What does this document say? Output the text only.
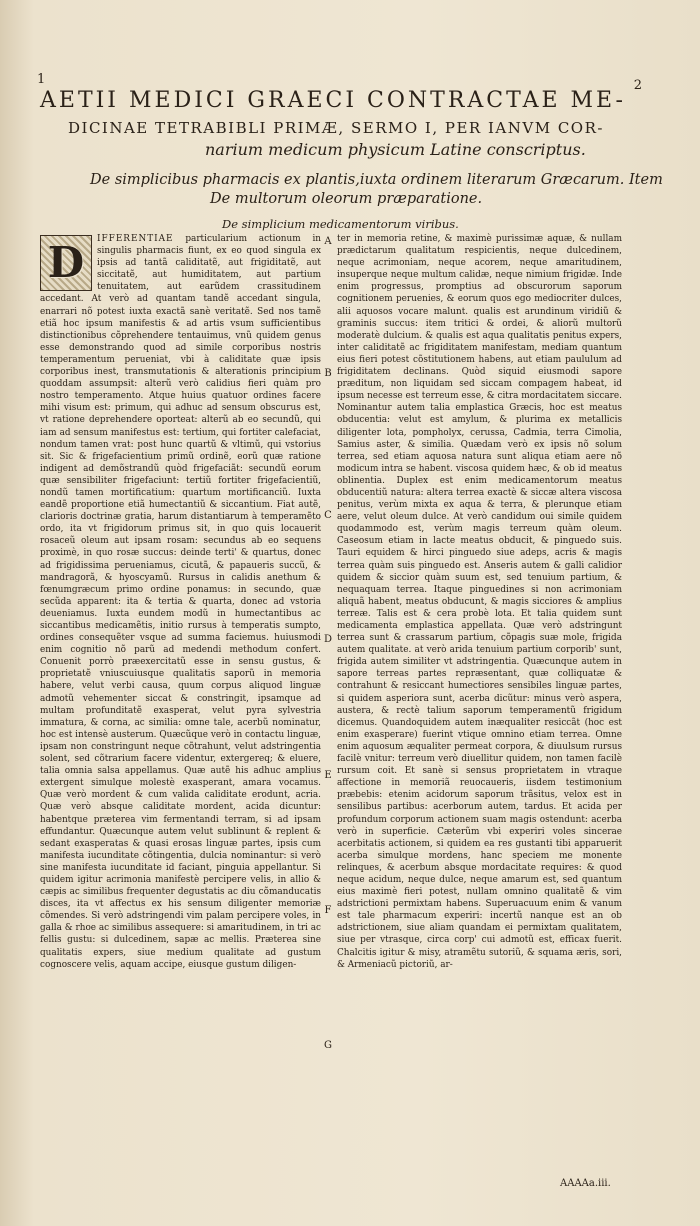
1	2
AETII MEDICI GRAECI CONTRACTAE ME-
DICINAE TETRABIBLI PRIMÆ, SERMO I, PER IANVM COR-
narium medicum physicum Latine conscriptus.
De simplicibus pharmacis ex plantis,iuxta ordinem literarum Græcarum. Item
De multorum oleorum præparatione.
De simplicium medicamentorum viribus.
D	IFFERENTIAE particularium actionum in singulis pharmacis fiunt, ex eo quod singula ex ipsis ad tantã caliditatẽ, aut frigiditatẽ, aut siccitatẽ, aut humiditatem, aut partium tenuitatem, aut earũdem crassitudinem accedant. At verò ad quantam tandẽ accedant singula, enarrari nõ potest iuxta exactã sanè veritatẽ. Sed nos tamẽ etiã hoc ipsum manifestis & ad artis vsum sufficientibus distinctionibus cõprehendere tentauimus, vnũ quidem genus esse demonstrando quod ad simile corporibus nostris temperamentum perueniat, vbi à caliditate quæ ipsis corporibus inest, transmutationis & alterationis principium quoddam assumpsit: alterũ verò calidius fieri quàm pro nostro temperamento. Atque huius quatuor ordines facere mihi visum est: primum, qui adhuc ad sensum obscurus est, vt ratione deprehendere oporteat: alterũ ab eo secundũ, qui iam ad sensum manifestus est: tertium, qui fortiter calefaciat, nondum tamen vrat: post hunc quartũ & vltimũ, qui vstorius sit. Sic & frigefacientium primũ ordinẽ, eorũ quæ ratione indigent ad demõstrandũ quòd frigefaciãt: secundũ eorum quæ sensibiliter frigefaciunt: tertiũ fortiter frigefacientiũ, nondũ tamen mortificatium: quartum mortificanciũ. Iuxta eandẽ proportione etiã humectantiũ & siccantium. Fiat autẽ, clarioris doctrinæ gratia, harum distantiarum à temperamẽto ordo, ita vt frigidorum primus sit, in quo quis locauerit rosaceũ oleum aut ipsam rosam: secundus ab eo sequens proximè, in quo rosæ succus: deinde terti' & quartus, donec ad frigidissima perueniamus, cicutã, & papaueris succũ, & mandragorã, & hyoscyamũ. Rursus in calidis anethum & fœnumgræcum primo ordine ponamus: in secundo, quæ secũda apparent: ita & tertia & quarta, donec ad vstoria deueniamus. Iuxta eundem modũ in humectantibus ac siccantibus medicamẽtis, initio rursus à temperatis sumpto, ordines consequẽter vsque ad summa faciemus. huiusmodi enim cognitio nõ parũ ad medendi methodum confert. Conuenit porrò præexercitatũ esse in sensu gustus, & proprietatẽ vniuscuiusque qualitatis saporũ in memoria habere, velut verbi causa, quum corpus aliquod linguæ admotũ vehementer siccat & constringit, ipsamque ad multam profunditatẽ exasperat, velut pyra sylvestria immatura, & corna, ac similia: omne tale, acerbũ nominatur, hoc est intensè austerum. Quæcũque verò in contactu linguæ, ipsam non constringunt neque cõtrahunt, velut adstringentia solent, sed cõtrarium facere videntur, extergereq; & eluere, talia omnia salsa appellamus. Quæ autẽ his adhuc amplius extergent simulque molestè exasperant, amara vocamus. Quæ verò mordent & cum valida caliditate erodunt, acria. Quæ verò absque caliditate mordent, acida dicuntur: habentque præterea vim fermentandi terram, si ad ipsam effundantur. Quæcunque autem velut sublinunt & replent & sedant exasperatas & quasi erosas linguæ partes, ipsis cum manifesta iucunditate cõtingentia, dulcia nominantur: si verò sine manifesta iucunditate id faciant, pinguia appellantur. Si quidem igitur acrimonia manifestè percipere velis, in allio & cæpis ac similibus frequenter degustatis ac diu cõmanducatis disces, ita vt affectus ex his sensum diligenter memoriæ cõmendes. Si verò adstringendi vim palam percipere voles, in galla & rhoe ac similibus assequere: si amaritudinem, in tri ac fellis gustu: si dulcedinem, sapæ ac mellis. Præterea sine qualitatis expers, siue medium qualitate ad gustum cognoscere velis, aquam accipe, eiusque gustum diligen-
ter in memoria retine, & maximè purissimæ aquæ, & nullam prædictarum qualitatum respicientis, neque dulcedinem, neque acrimoniam, neque acorem, neque amaritudinem, insuperque neque multum calidæ, neque nimium frigidæ. Inde enim progressus, promptius ad obscurorum saporum cognitionem peruenies, & eorum quos ego mediocriter dulces, alii aquosos vocare malunt. qualis est arundinum viridiũ & graminis succus: item tritici & ordei, & aliorũ multorũ moderatè dulcium. & qualis est aqua qualitatis penitus expers, inter caliditatẽ ac frigiditatem manifestam, mediam quantum eius fieri potest cõstitutionem habens, aut etiam paululum ad frigiditatem declinans. Quòd siquid eiusmodi sapore præditum, non liquidam sed siccam compagem habeat, id ipsum necesse est terreum esse, & citra mordacitatem siccare. Nominantur autem talia emplastica Græcis, hoc est meatus obducentia: velut est amylum, & plurima ex metallicis diligenter lota, pompholyx, cerussa, Cadmia, terra Cimolia, Samius aster, & similia. Quædam verò ex ipsis nõ solum terrea, sed etiam aquosa natura sunt aliqua etiam aere nõ modicum intra se habent. viscosa quidem hæc, & ob id meatus oblinentia. Duplex est enim medicamentorum meatus obducentiũ natura: altera terrea exactè & siccæ altera viscosa penitus, verùm mixta ex aqua & terra, & plerunque etiam aere, velut oleum dulce. At verò candidum oui simile quidem quodammodo est, verùm magis terreum quàm oleum. Caseosum etiam in lacte meatus obducit, & pinguedo suis. Tauri equidem & hirci pinguedo siue adeps, acris & magis terrea quàm suis pinguedo est. Anseris autem & galli calidior quidem & siccior quàm suum est, sed tenuium partium, & nequaquam terrea. Itaque pinguedines si non acrimoniam aliquã habent, meatus obducunt, & magis sicciores & amplius terreæ. Talis est & cera probè lota. Et talia quidem sunt medicamenta emplastica appellata. Quæ verò adstringunt terrea sunt & crassarum partium, cõpagis suæ mole, frigida autem qualitate. at verò arida tenuium partium corporib' sunt, frigida autem similiter vt adstringentia. Quæcunque autem in sapore terreas partes repræsentant, quæ colliquatæ & contrahunt & resiccant humectiores sensibiles linguæ partes, si quidem asperiora sunt, acerba dicũtur: minus verò aspera, austera, & rectè talium saporum temperamentũ frigidum dicemus. Quandoquidem autem inæqualiter resiccãt (hoc est enim exasperare) fuerint vtique omnino etiam terrea. Omne enim aquosum æqualiter permeat corpora, & diuulsum rursus facilè vnitur: terreum verò diuellitur quidem, non tamen facilè rursum coit. Et sanè si sensus proprietatem in vtraque affectione in memoriã reuocaueris, iisdem testimonium præbebis: etenim acidorum saporum trãsitus, velox est in sensilibus partibus: acerborum autem, tardus. Et acida per profundum corporum actionem suam magis ostendunt: acerba verò in superficie. Cæterũm vbi experiri voles sincerae acerbitatis actionem, si quidem ea res gustanti tibi apparuerit acerba simulque mordens, hanc speciem me monente relinques, & acerbum absque mordacitate requires: & quod neque acidum, neque dulce, neque amarum est, sed quantum eius maximè fieri potest, nullam omnino qualitatẽ & vim adstrictioni permixtam habens. Superuacuum enim & vanum est tale pharmacum experiri: incertũ nanque est an ob adstrictionem, siue aliam quandam ei permixtam qualitatem, siue per vtrasque, circa corp' cui admotũ est, efficax fuerit. Chalcitis igitur & misy, atramẽtu sutoriũ, & squama æris, sori, & Armeniacũ pictoriũ, ar-
A
B
C
D
E
F
G
AAAAa.iii.
